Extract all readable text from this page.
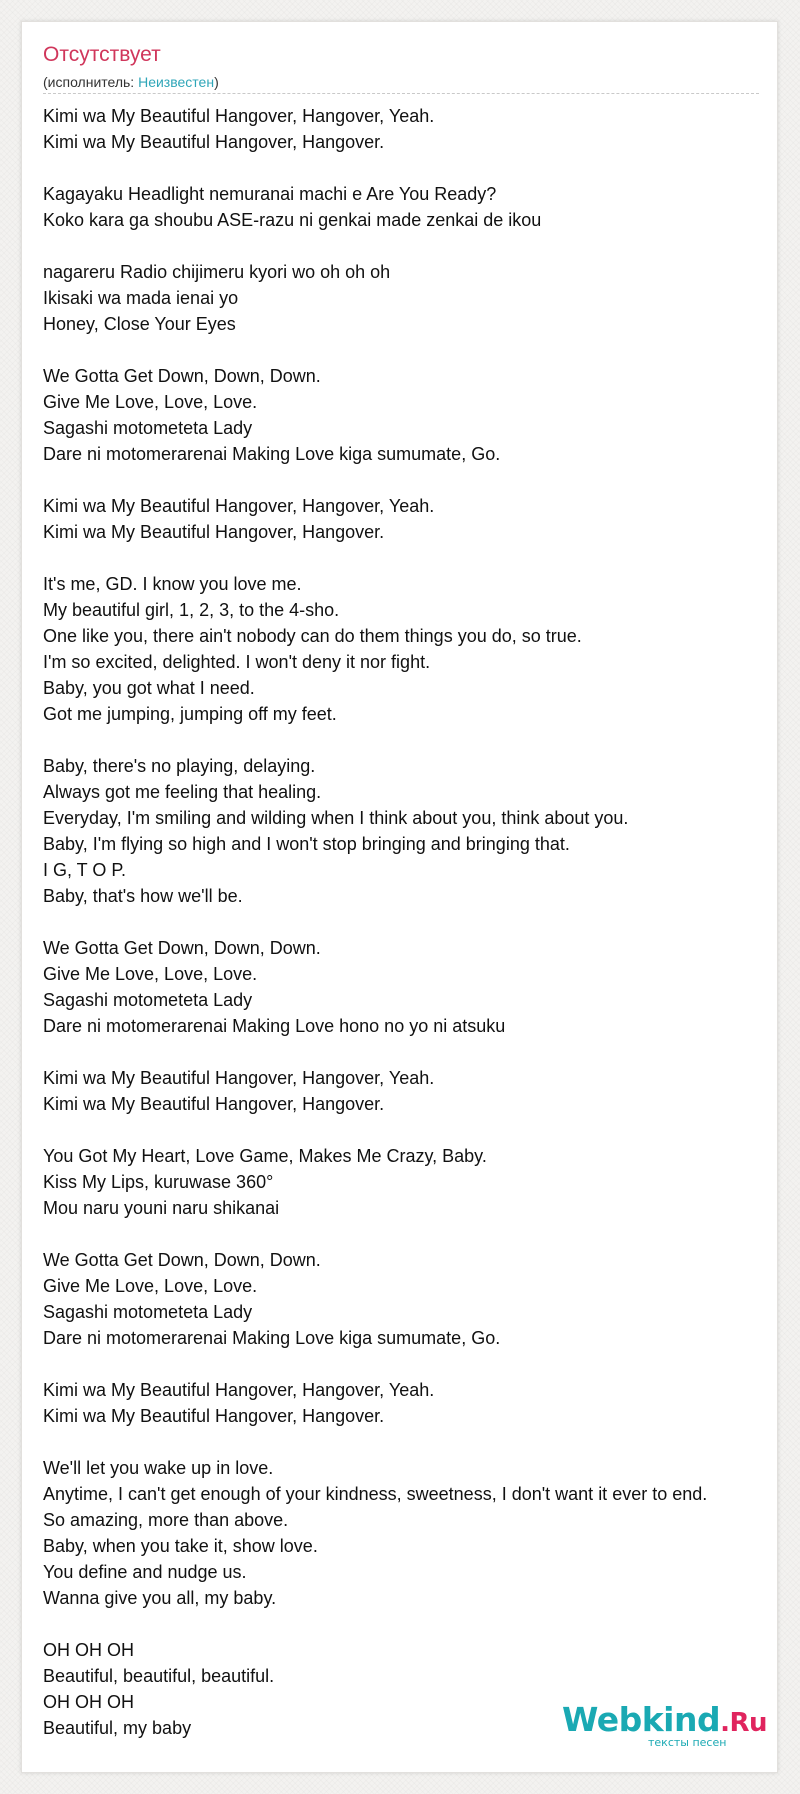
Отсутствует
(исполнитель: Неизвестен)
Kimi wa My Beautiful Hangover, Hangover, Yeah.
Kimi wa My Beautiful Hangover, Hangover.

Kagayaku Headlight nemuranai machi e Are You Ready?
Koko kara ga shoubu ASE-razu ni genkai made zenkai de ikou

nagareru Radio chijimeru kyori wo oh oh oh
Ikisaki wa mada ienai yo
Honey, Close Your Eyes

We Gotta Get Down, Down, Down.
Give Me Love, Love, Love.
Sagashi motometeta Lady
Dare ni motomerarenai Making Love kiga sumumate, Go.

Kimi wa My Beautiful Hangover, Hangover, Yeah.
Kimi wa My Beautiful Hangover, Hangover.

It's me, GD. I know you love me.
My beautiful girl, 1, 2, 3, to the 4-sho.
One like you, there ain't nobody can do them things you do, so true.
I'm so excited, delighted. I won't deny it nor fight.
Baby, you got what I need.
Got me jumping, jumping off my feet.

Baby, there's no playing, delaying.
Always got me feeling that healing.
Everyday, I'm smiling and wilding when I think about you, think about you.
Baby, I'm flying so high and I won't stop bringing and bringing that.
I G, T O P.
Baby, that's how we'll be.

We Gotta Get Down, Down, Down.
Give Me Love, Love, Love.
Sagashi motometeta Lady
Dare ni motomerarenai Making Love hono no yo ni atsuku

Kimi wa My Beautiful Hangover, Hangover, Yeah.
Kimi wa My Beautiful Hangover, Hangover.

You Got My Heart, Love Game, Makes Me Crazy, Baby.
Kiss My Lips, kuruwase 360°
Mou naru youni naru shikanai

We Gotta Get Down, Down, Down.
Give Me Love, Love, Love.
Sagashi motometeta Lady
Dare ni motomerarenai Making Love kiga sumumate, Go.

Kimi wa My Beautiful Hangover, Hangover, Yeah.
Kimi wa My Beautiful Hangover, Hangover.

We'll let you wake up in love.
Anytime, I can't get enough of your kindness, sweetness, I don't want it ever to end.
So amazing, more than above.
Baby, when you take it, show love.
You define and nudge us.
Wanna give you all, my baby.

OH OH OH
Beautiful, beautiful, beautiful.
OH OH OH
Beautiful, my baby	Webkind.Ru
тексты песен
